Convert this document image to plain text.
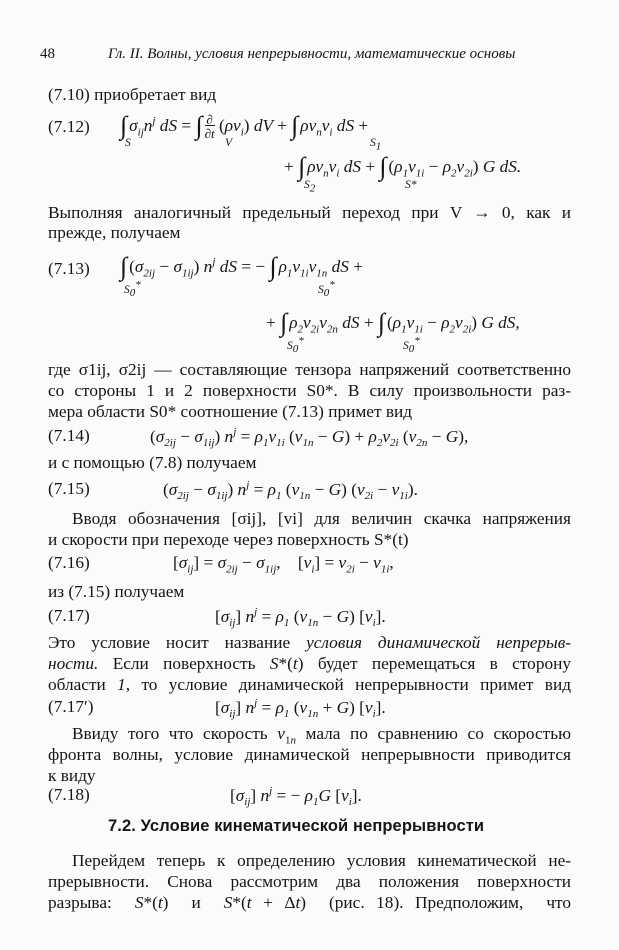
48	Гл. II. Волны, условия непрерывности, математические основы
(7.10) приобретает вид
(7.12) ∫ $\sigma_{ij}n^j$ dS = ∫ ∂
∂t $(\rho v_i)$ dV + ∫ $\rho v_nv_i$ dS +
S	V	$S_1$
+ ∫ $\rho v_nv_i$ dS + ∫ $(\rho_1v_{1i} - \rho_2v_{2i})$ G dS.
$S_2$	S*
Выполняя аналогичный предельный переход при V → 0, как и
прежде, получаем
(7.13) ∫ $(\sigma_{2ij} - \sigma_{1ij})$ $n^j$ dS = − ∫ $\rho_1v_{1i}v_{1n}$ dS +
$S_0^*$	$S_0^*$
+ ∫ $\rho_2v_{2i}v_{2n}$ dS + ∫ $(\rho_1v_{1i} - \rho_2v_{2i})$ G dS,
$S_0^*$	$S_0^*$
где σ1ij, σ2ij — составляющие тензора напряжений соответственно
со стороны 1 и 2 поверхности S0*. В силу произвольности раз-
мера области S0* соотношение (7.13) примет вид
(7.14)	$(\sigma_{2ij} - \sigma_{1ij}) n^j = \rho_1v_{1i}$ $(v_{1n} - G) + \rho_2v_{2i}$ $(v_{2n} - G)$,
и с помощью (7.8) получаем
(7.15)	$(\sigma_{2ij} - \sigma_{1ij}) n^j = \rho_1$ $(v_{1n} - G) (v_{2i} - v_{1i})$.
Вводя обозначения [σij], [vi] для величин скачка напряжения
и скорости при переходе через поверхность S*(t)
(7.16)	$[\sigma_{ij}] = \sigma_{2ij} - \sigma_{1ij}$, $[v_i] = v_{2i} - v_{1i}$,
из (7.15) получаем
(7.17)	$[\sigma_{ij}] n^j = \rho_1$ $(v_{1n} - G)$ $[v_i]$.
Это условие носит название условия динамической непрерыв-
ности. Если поверхность S*(t) будет перемещаться в сторону
области 1, то условие динамической непрерывности примет вид
(7.17′)	$[\sigma_{ij}] n^j = \rho_1$ $(v_{1n} + G)$ $[v_i]$.
Ввиду того что скорость $v_{1n}$ мала по сравнению со скоростью
фронта волны, условие динамической непрерывности приводится
к виду
(7.18)	$[\sigma_{ij}] n^j$ = − $\rho_1G$ $[v_i]$.
7.2. Условие кинематической непрерывности
Перейдем теперь к определению условия кинематической не-
прерывности. Снова рассмотрим два положения поверхности
разрыва:  S*(t)  и  S*(t + Δt)  (рис. 18). Предположим,  что
